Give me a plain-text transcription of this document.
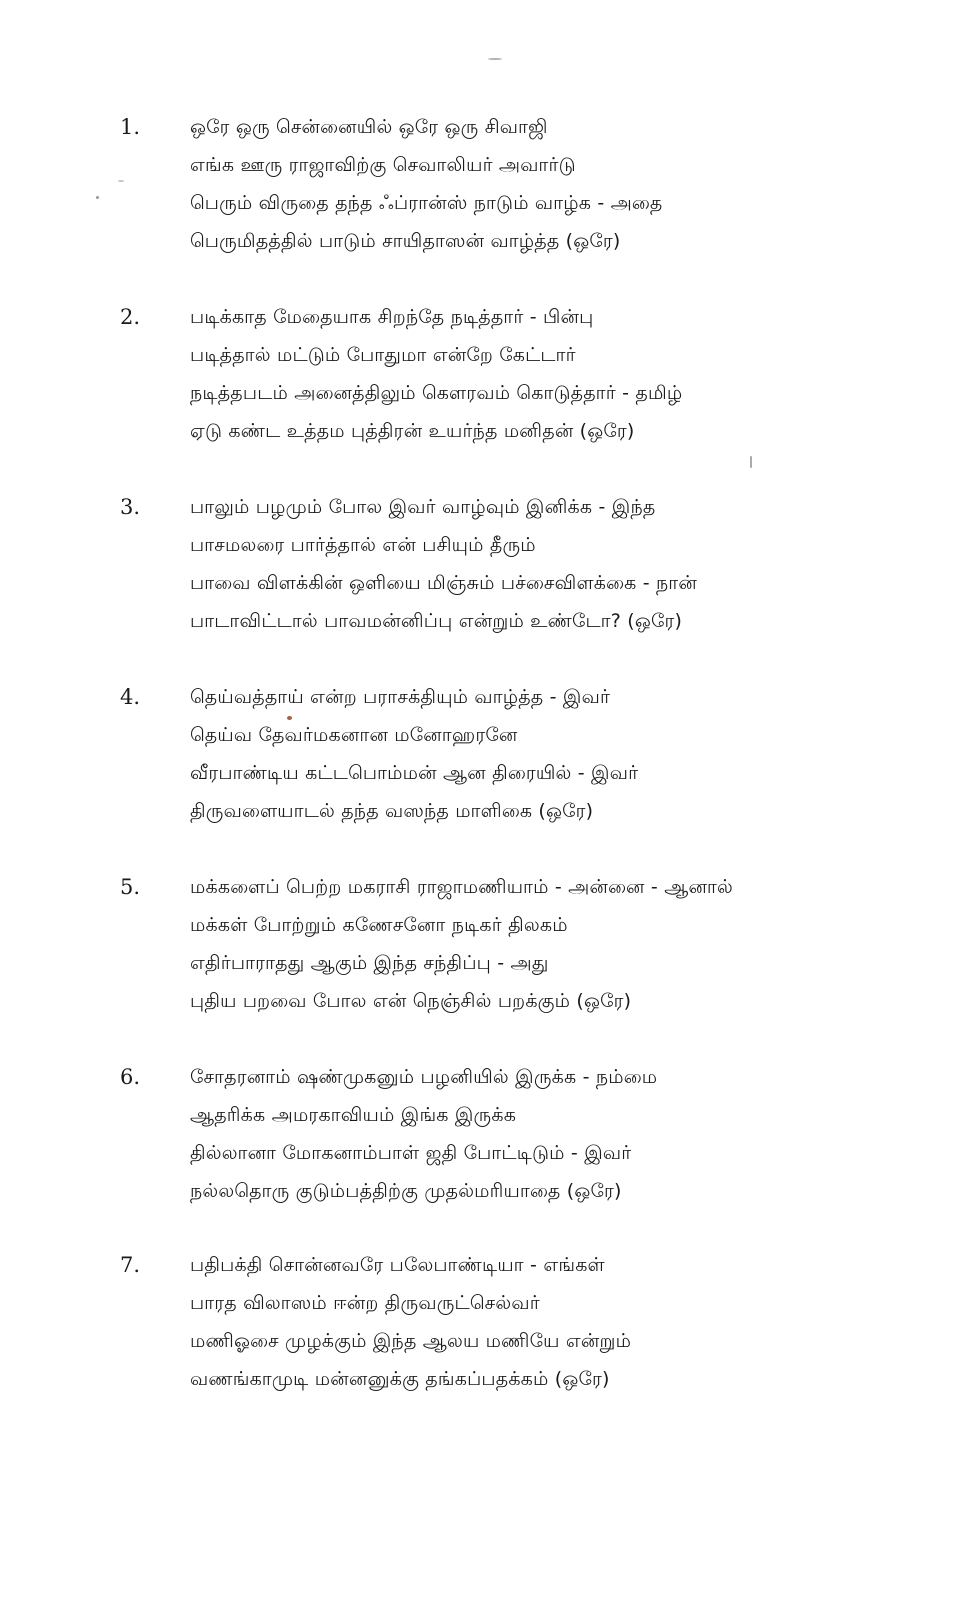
1.	ஒரே ஒரு சென்னையில் ஒரே ஒரு சிவாஜி
எங்க ஊரு ராஜாவிற்கு செவாலியர் அவார்டு
பெரும் விருதை தந்த ஃப்ரான்ஸ் நாடும் வாழ்க - அதை
பெருமிதத்தில் பாடும் சாயிதாஸன் வாழ்த்த (ஒரே)
2.	படிக்காத மேதையாக சிறந்தே நடித்தார் - பின்பு
படித்தால் மட்டும் போதுமா என்றே கேட்டார்
நடித்தபடம் அனைத்திலும் கௌரவம் கொடுத்தார் - தமிழ்
ஏடு கண்ட உத்தம புத்திரன் உயர்ந்த மனிதன் (ஒரே)
3.	பாலும் பழமும் போல இவர் வாழ்வும் இனிக்க - இந்த
பாசமலரை பார்த்தால் என் பசியும் தீரும்
பாவை விளக்கின் ஒளியை மிஞ்சும் பச்சைவிளக்கை - நான்
பாடாவிட்டால் பாவமன்னிப்பு என்றும் உண்டோ? (ஒரே)
4.	தெய்வத்தாய் என்ற பராசக்தியும் வாழ்த்த - இவர்
தெய்வ தேவர்மகனான மனோஹரனே
வீரபாண்டிய கட்டபொம்மன் ஆன திரையில் - இவர்
திருவளையாடல் தந்த வஸந்த மாளிகை (ஒரே)
5.	மக்களைப் பெற்ற மகராசி ராஜாமணியாம் - அன்னை - ஆனால்
மக்கள் போற்றும் கணேசனோ நடிகர் திலகம்
எதிர்பாராதது ஆகும் இந்த சந்திப்பு - அது
புதிய பறவை போல என் நெஞ்சில் பறக்கும் (ஒரே)
6.	சோதரனாம் ஷண்முகனும் பழனியில் இருக்க - நம்மை
ஆதரிக்க அமரகாவியம் இங்க இருக்க
தில்லானா மோகனாம்பாள் ஜதி போட்டிடும் - இவர்
நல்லதொரு குடும்பத்திற்கு முதல்மரியாதை (ஒரே)
7.	பதிபக்தி சொன்னவரே பலேபாண்டியா - எங்கள்
பாரத விலாஸம் ஈன்ற திருவருட்செல்வர்
மணிஓசை முழக்கும் இந்த ஆலய மணியே என்றும்
வணங்காமுடி மன்னனுக்கு தங்கப்பதக்கம் (ஒரே)
